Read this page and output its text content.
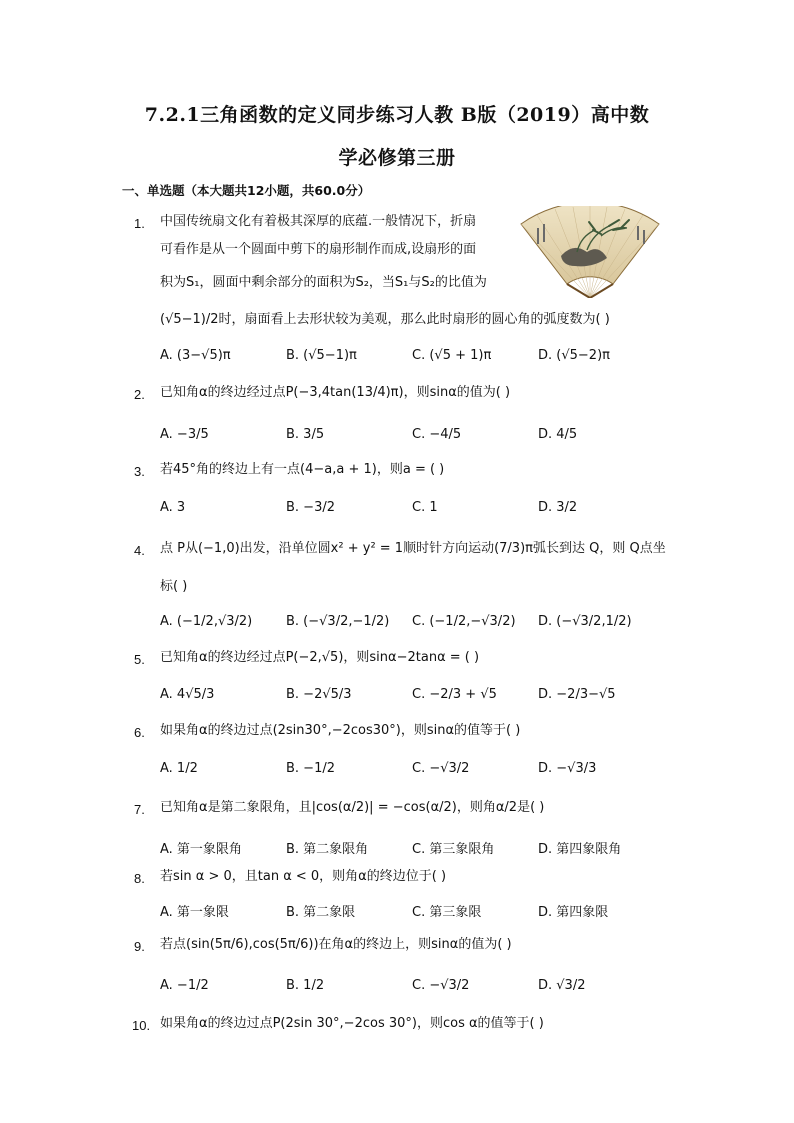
7.2.1三角函数的定义同步练习人教 B版（2019）高中数
学必修第三册
一、单选题（本大题共12小题，共60.0分）
1. 中国传统扇文化有着极其深厚的底蕴.一般情况下，折扇
可看作是从一个圆面中剪下的扇形制作而成,设扇形的面
积为S₁，圆面中剩余部分的面积为S₂，当S₁与S₂的比值为
(√5−1)/2时，扇面看上去形状较为美观，那么此时扇形的圆心角的弧度数为( )
A. (3−√5)π	B. (√5−1)π	C. (√5 + 1)π	D. (√5−2)π
2. 已知角α的终边经过点P(−3,4tan(13/4)π)，则sinα的值为( )
A. −3/5	B. 3/5	C. −4/5	D. 4/5
3. 若45°角的终边上有一点(4−a,a + 1)，则a = ( )
A. 3	B. −3/2	C. 1	D. 3/2
4. 点 P从(−1,0)出发，沿单位圆x² + y² = 1顺时针方向运动(7/3)π弧长到达 Q，则 Q点坐
标( )
A. (−1/2,√3/2)	B. (−√3/2,−1/2) C. (−1/2,−√3/2) D. (−√3/2,1/2)
5. 已知角α的终边经过点P(−2,√5)，则sinα−2tanα = ( )
A. 4√5/3	B. −2√5/3	C. −2/3 + √5	D. −2/3−√5
6. 如果角α的终边过点(2sin30°,−2cos30°)，则sinα的值等于( )
A. 1/2	B. −1/2	C. −√3/2	D. −√3/3
7. 已知角α是第二象限角，且|cos(α/2)| = −cos(α/2)，则角α/2是( )
A. 第一象限角	B. 第二象限角	C. 第三象限角	D. 第四象限角
8. 若sin α > 0，且tan α < 0，则角α的终边位于( )
A. 第一象限	B. 第二象限	C. 第三象限	D. 第四象限
9. 若点(sin(5π/6),cos(5π/6))在角α的终边上，则sinα的值为( )
A. −1/2	B. 1/2	C. −√3/2	D. √3/2
10. 如果角α的终边过点P(2sin 30°,−2cos 30°)，则cos α的值等于( )
